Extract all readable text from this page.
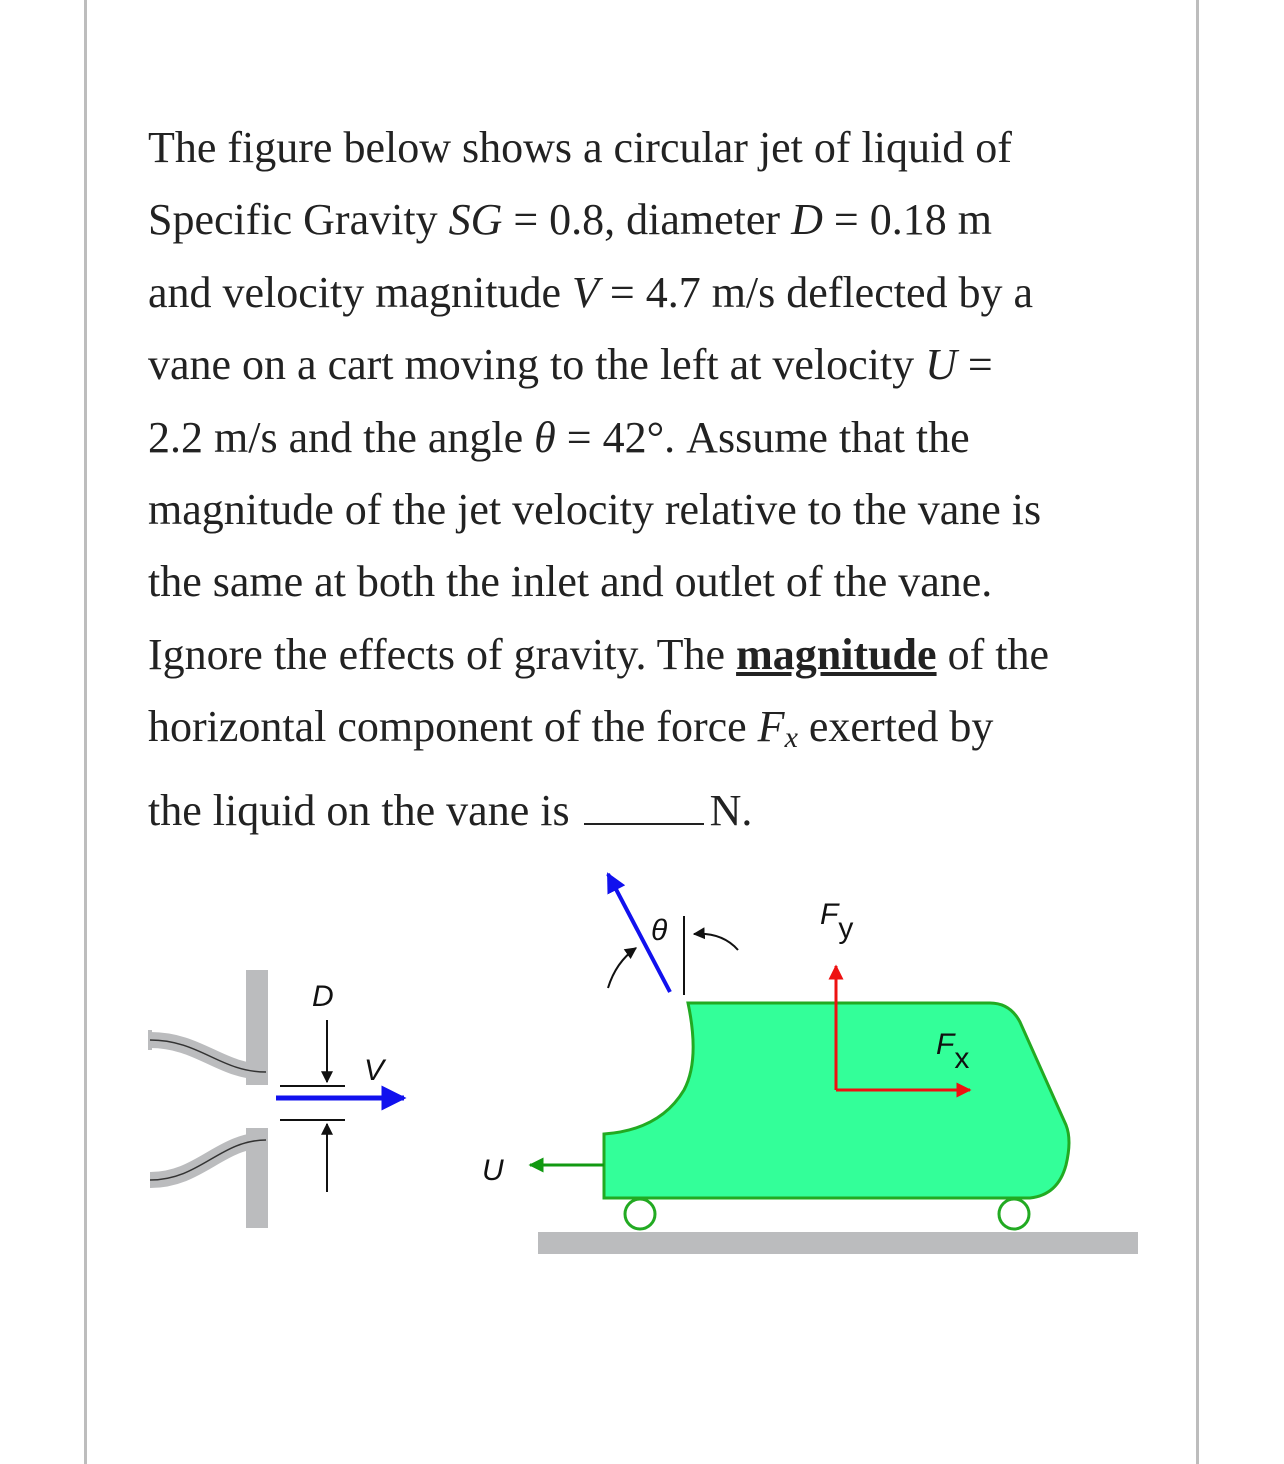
The figure below shows a circular jet of liquid of
Specific Gravity SG = 0.8, diameter D = 0.18 m
and velocity magnitude V = 4.7 m/s deflected by a
vane on a cart moving to the left at velocity U =
2.2 m/s and the angle θ = 42°. Assume that the
magnitude of the jet velocity relative to the vane is
the same at both the inlet and outlet of the vane.
Ignore the effects of gravity. The magnitude of the
horizontal component of the force $F_x$ exerted by
the liquid on the vane is	N.
D
V
U
θ	Fy
Fx
